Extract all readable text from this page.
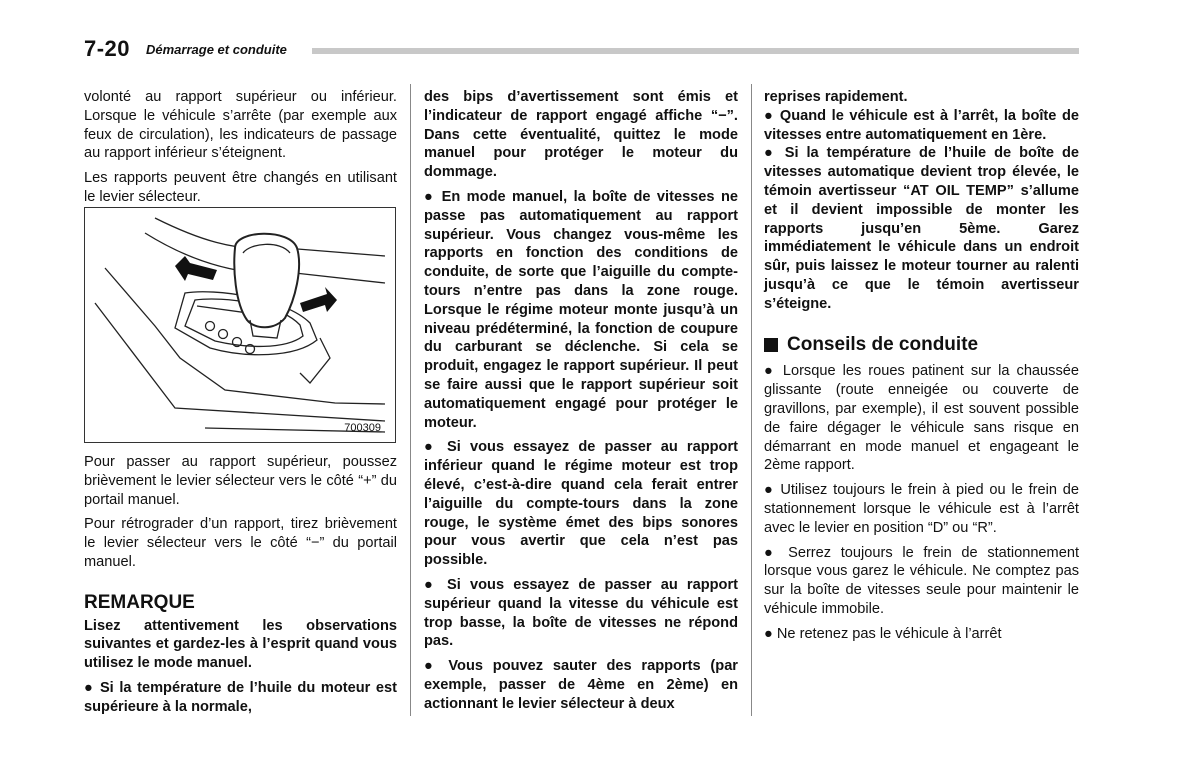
7-20 Démarrage et conduite

volonté au rapport supérieur ou inférieur. Lorsque le véhicule s’arrête (par exemple aux feux de circulation), les indicateurs de passage au rapport inférieur s’éteignent.

Les rapports peuvent être changés en utilisant le levier sélecteur.

700309

Pour passer au rapport supérieur, poussez brièvement le levier sélecteur vers le côté “+” du portail manuel.

Pour rétrograder d’un rapport, tirez brièvement le levier sélecteur vers le côté “−” du portail manuel.

REMARQUE

Lisez attentivement les observations suivantes et gardez-les à l’esprit quand vous utilisez le mode manuel.

● Si la température de l’huile du moteur est supérieure à la normale,

des bips d’avertissement sont émis et l’indicateur de rapport engagé affiche “−”. Dans cette éventualité, quittez le mode manuel pour protéger le moteur du dommage.

● En mode manuel, la boîte de vitesses ne passe pas automatiquement au rapport supérieur. Vous changez vous-même les rapports en fonction des conditions de conduite, de sorte que l’aiguille du compte-tours n’entre pas dans la zone rouge. Lorsque le régime moteur monte jusqu’à un niveau prédéterminé, la fonction de coupure du carburant se déclenche. Si cela se produit, engagez le rapport supérieur. Il peut se faire aussi que le rapport supérieur soit automatiquement engagé pour protéger le moteur.

● Si vous essayez de passer au rapport inférieur quand le régime moteur est trop élevé, c’est-à-dire quand cela ferait entrer l’aiguille du compte-tours dans la zone rouge, le système émet des bips sonores pour vous avertir que cela n’est pas possible.

● Si vous essayez de passer au rapport supérieur quand la vitesse du véhicule est trop basse, la boîte de vitesses ne répond pas.

● Vous pouvez sauter des rapports (par exemple, passer de 4ème en 2ème) en actionnant le levier sélecteur à deux

reprises rapidement.

● Quand le véhicule est à l’arrêt, la boîte de vitesses entre automatiquement en 1ère.

● Si la température de l’huile de boîte de vitesses automatique devient trop élevée, le témoin avertisseur “AT OIL TEMP” s’allume et il devient impossible de monter les rapports jusqu’en 5ème. Garez immédiatement le véhicule dans un endroit sûr, puis laissez le moteur tourner au ralenti jusqu’à ce que le témoin avertisseur s’éteigne.

Conseils de conduite

● Lorsque les roues patinent sur la chaussée glissante (route enneigée ou couverte de gravillons, par exemple), il est souvent possible de faire dégager le véhicule sans risque en démarrant en mode manuel et engageant le 2ème rapport.

● Utilisez toujours le frein à pied ou le frein de stationnement lorsque le véhicule est à l’arrêt avec le levier en position “D” ou “R”.

● Serrez toujours le frein de stationnement lorsque vous garez le véhicule. Ne comptez pas sur la boîte de vitesses seule pour maintenir le véhicule immobile.

● Ne retenez pas le véhicule à l’arrêt
